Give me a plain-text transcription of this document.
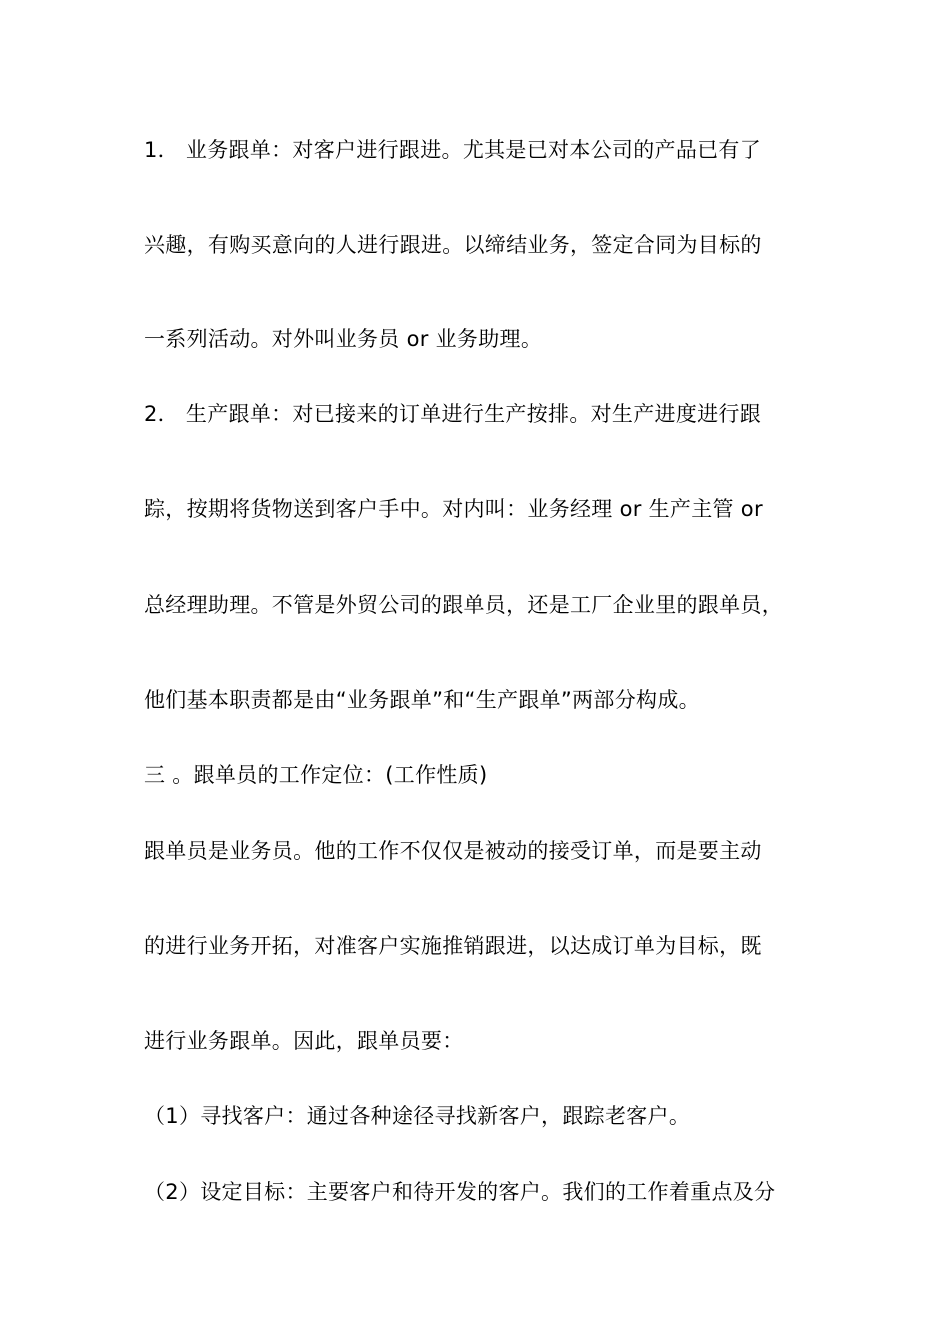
1． 业务跟单：对客户进行跟进。尤其是已对本公司的产品已有了
兴趣，有购买意向的人进行跟进。以缔结业务，签定合同为目标的
一系列活动。对外叫业务员 or 业务助理。
2． 生产跟单：对已接来的订单进行生产按排。对生产进度进行跟
踪，按期将货物送到客户手中。对内叫：业务经理 or 生产主管 or
总经理助理。不管是外贸公司的跟单员，还是工厂企业里的跟单员，
他们基本职责都是由“业务跟单”和“生产跟单”两部分构成。
三 。跟单员的工作定位：(工作性质)
跟单员是业务员。他的工作不仅仅是被动的接受订单，而是要主动
的进行业务开拓，对准客户实施推销跟进，以达成订单为目标，既
进行业务跟单。因此，跟单员要：
（1）寻找客户：通过各种途径寻找新客户，跟踪老客户。
（2）设定目标：主要客户和待开发的客户。我们的工作着重点及分
